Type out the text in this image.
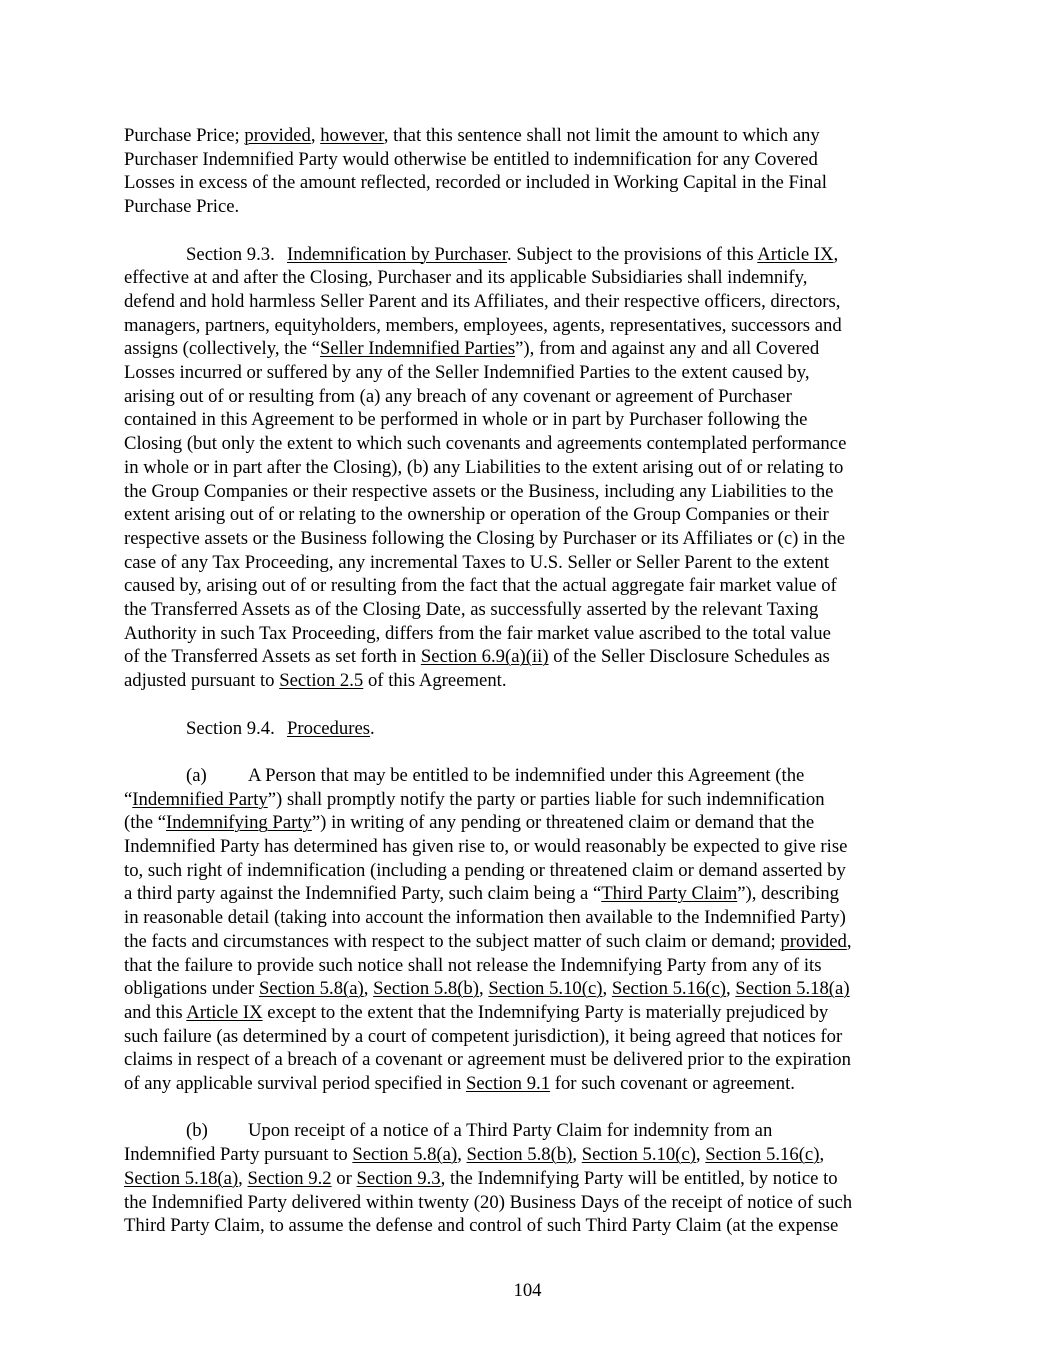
Purchase Price; provided, however, that this sentence shall not limit the amount to which any
Purchaser Indemnified Party would otherwise be entitled to indemnification for any Covered
Losses in excess of the amount reflected, recorded or included in Working Capital in the Final
Purchase Price.

Section 9.3. Indemnification by Purchaser. Subject to the provisions of this Article IX,
effective at and after the Closing, Purchaser and its applicable Subsidiaries shall indemnify,
defend and hold harmless Seller Parent and its Affiliates, and their respective officers, directors,
managers, partners, equityholders, members, employees, agents, representatives, successors and
assigns (collectively, the “Seller Indemnified Parties”), from and against any and all Covered
Losses incurred or suffered by any of the Seller Indemnified Parties to the extent caused by,
arising out of or resulting from (a) any breach of any covenant or agreement of Purchaser
contained in this Agreement to be performed in whole or in part by Purchaser following the
Closing (but only the extent to which such covenants and agreements contemplated performance
in whole or in part after the Closing), (b) any Liabilities to the extent arising out of or relating to
the Group Companies or their respective assets or the Business, including any Liabilities to the
extent arising out of or relating to the ownership or operation of the Group Companies or their
respective assets or the Business following the Closing by Purchaser or its Affiliates or (c) in the
case of any Tax Proceeding, any incremental Taxes to U.S. Seller or Seller Parent to the extent
caused by, arising out of or resulting from the fact that the actual aggregate fair market value of
the Transferred Assets as of the Closing Date, as successfully asserted by the relevant Taxing
Authority in such Tax Proceeding, differs from the fair market value ascribed to the total value
of the Transferred Assets as set forth in Section 6.9(a)(ii) of the Seller Disclosure Schedules as
adjusted pursuant to Section 2.5 of this Agreement.

Section 9.4. Procedures.

(a) A Person that may be entitled to be indemnified under this Agreement (the
“Indemnified Party”) shall promptly notify the party or parties liable for such indemnification
(the “Indemnifying Party”) in writing of any pending or threatened claim or demand that the
Indemnified Party has determined has given rise to, or would reasonably be expected to give rise
to, such right of indemnification (including a pending or threatened claim or demand asserted by
a third party against the Indemnified Party, such claim being a “Third Party Claim”), describing
in reasonable detail (taking into account the information then available to the Indemnified Party)
the facts and circumstances with respect to the subject matter of such claim or demand; provided,
that the failure to provide such notice shall not release the Indemnifying Party from any of its
obligations under Section 5.8(a), Section 5.8(b), Section 5.10(c), Section 5.16(c), Section 5.18(a)
and this Article IX except to the extent that the Indemnifying Party is materially prejudiced by
such failure (as determined by a court of competent jurisdiction), it being agreed that notices for
claims in respect of a breach of a covenant or agreement must be delivered prior to the expiration
of any applicable survival period specified in Section 9.1 for such covenant or agreement.

(b) Upon receipt of a notice of a Third Party Claim for indemnity from an
Indemnified Party pursuant to Section 5.8(a), Section 5.8(b), Section 5.10(c), Section 5.16(c),
Section 5.18(a), Section 9.2 or Section 9.3, the Indemnifying Party will be entitled, by notice to
the Indemnified Party delivered within twenty (20) Business Days of the receipt of notice of such
Third Party Claim, to assume the defense and control of such Third Party Claim (at the expense

104
